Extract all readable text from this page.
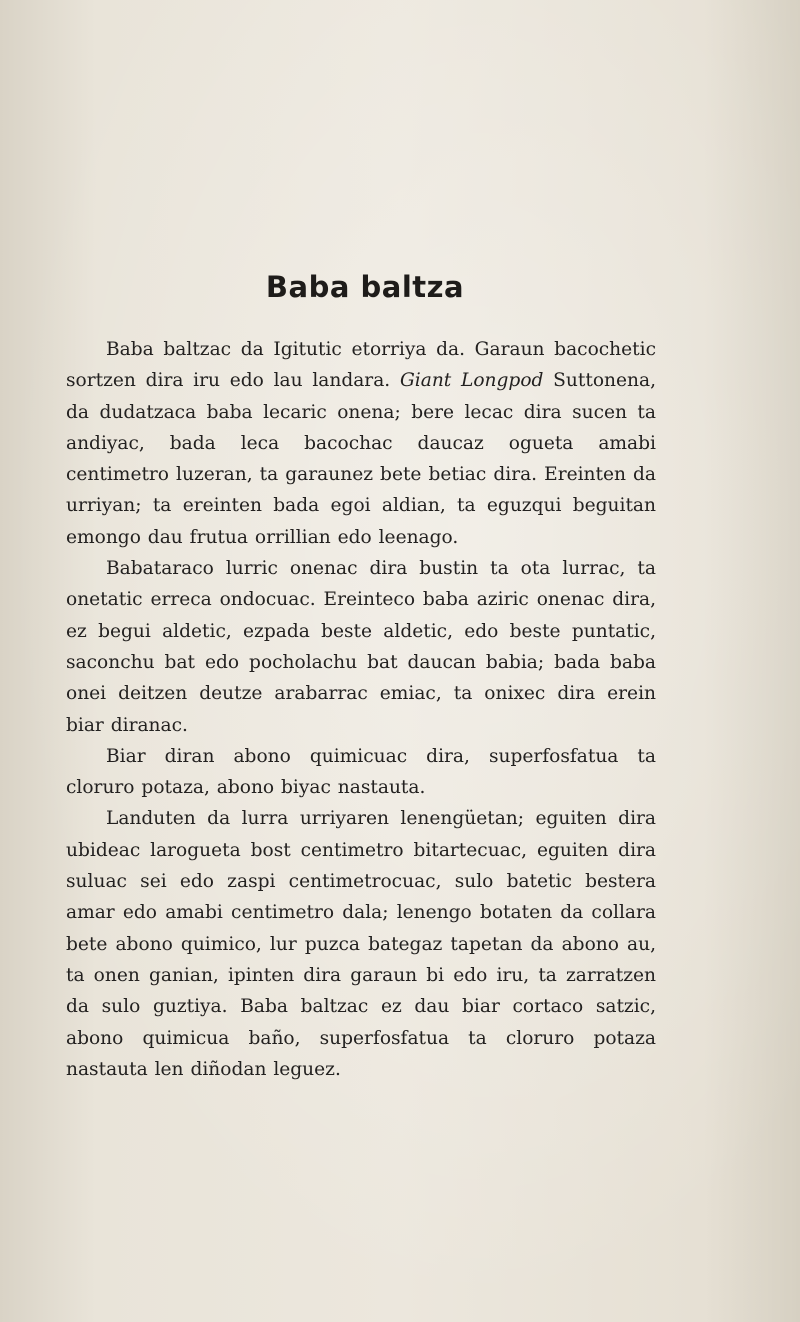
Baba baltza

Baba baltzac da Igitutic etorriya da. Garaun bacochetic sortzen dira iru edo lau landara. Giant Longpod Suttonena, da dudatzaca baba lecaric onena; bere lecac dira sucen ta andiyac, bada leca bacochac daucaz ogueta amabi centimetro luzeran, ta garaunez bete betiac dira. Ereinten da urriyan; ta ereinten bada egoi aldian, ta eguzqui beguitan emongo dau frutua orrillian edo leenago.

Babataraco lurric onenac dira bustin ta ota lurrac, ta onetatic erreca ondocuac. Ereinteco baba aziric onenac dira, ez begui aldetic, ezpada beste aldetic, edo beste puntatic, saconchu bat edo pocholachu bat daucan babia; bada baba onei deitzen deutze arabarrac emiac, ta onixec dira erein biar diranac.

Biar diran abono quimicuac dira, superfosfatua ta cloruro potaza, abono biyac nastauta.

Landuten da lurra urriyaren lenengüetan; eguiten dira ubideac larogueta bost centimetro bitartecuac, eguiten dira suluac sei edo zaspi centimetrocuac, sulo batetic bestera amar edo amabi centimetro dala; lenengo botaten da collara bete abono quimico, lur puzca bategaz tapetan da abono au, ta onen ganian, ipinten dira garaun bi edo iru, ta zarratzen da sulo guztiya. Baba baltzac ez dau biar cortaco satzic, abono quimicua baño, superfosfatua ta cloruro potaza nastauta len diñodan leguez.
